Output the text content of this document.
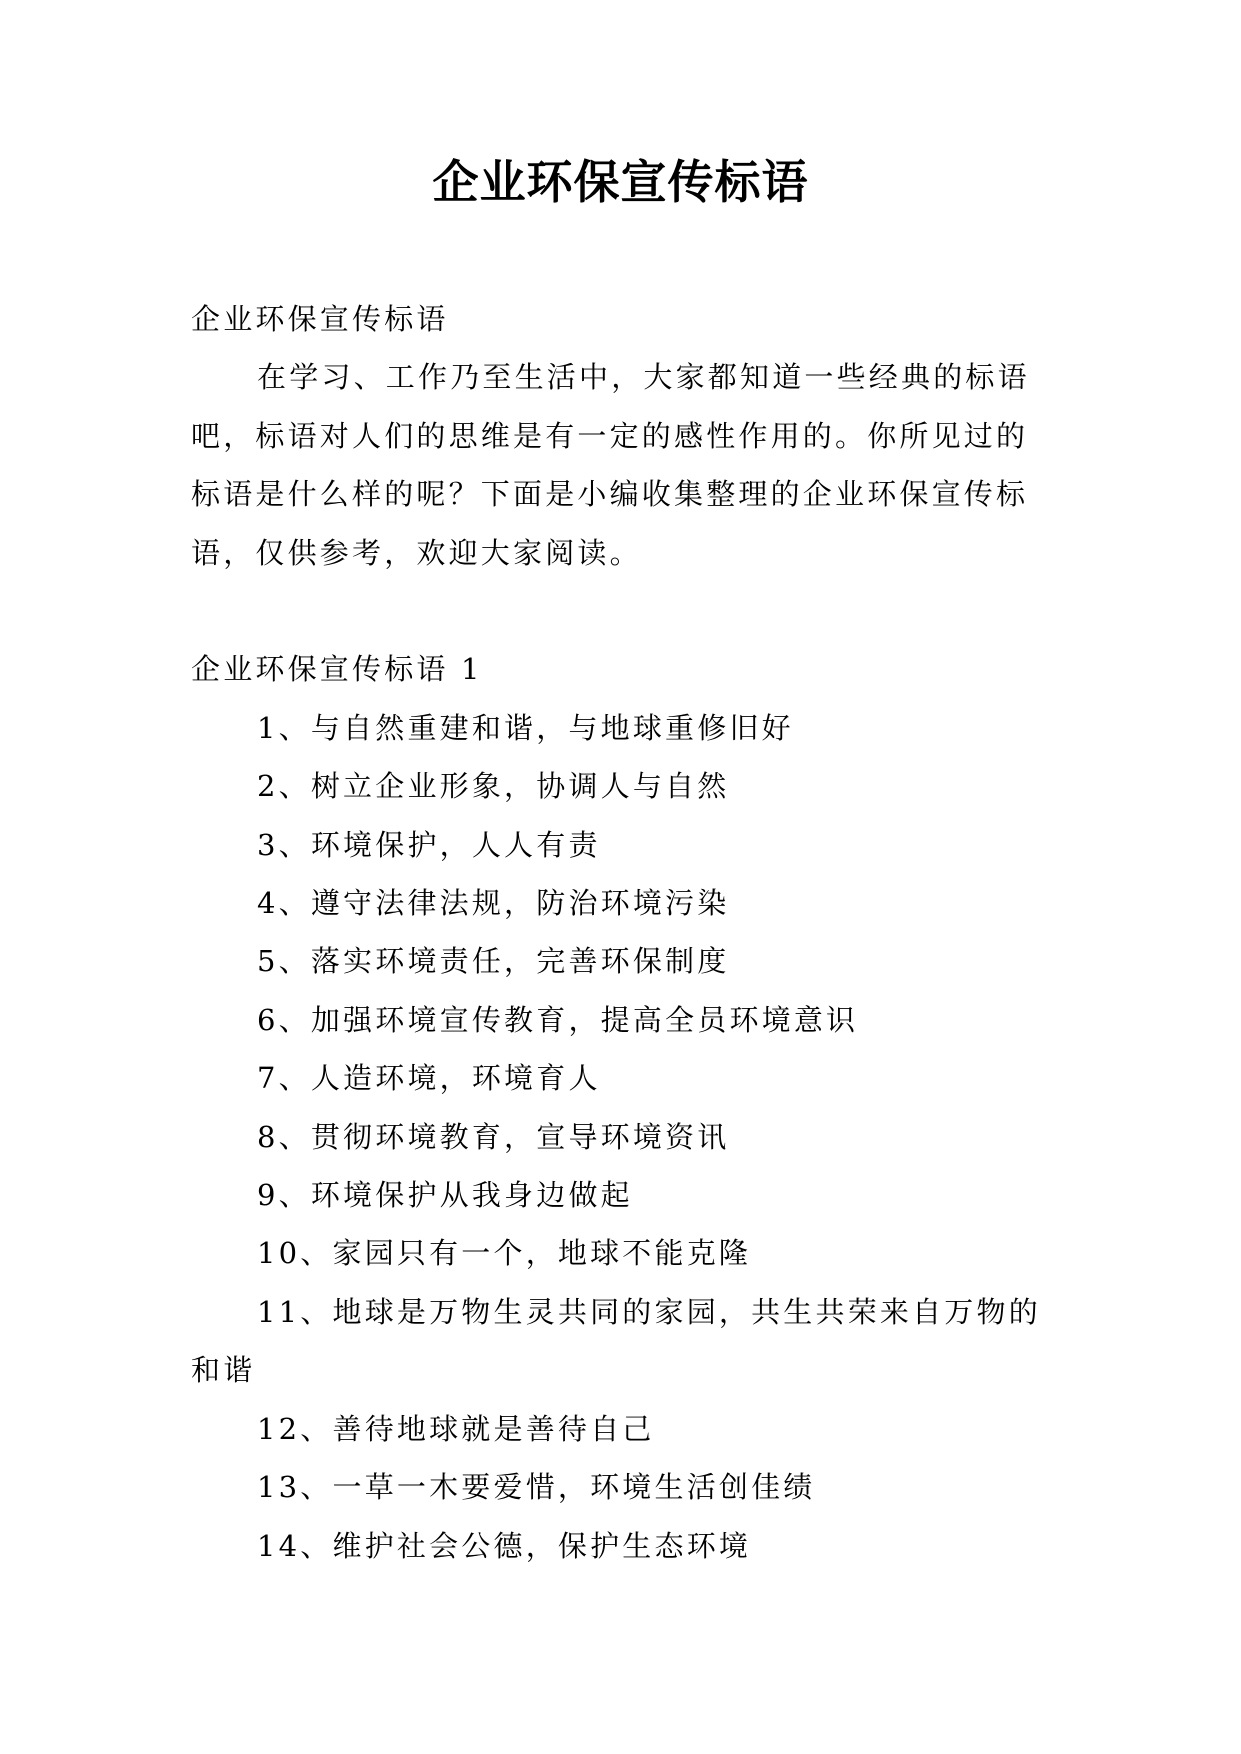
企业环保宣传标语

企业环保宣传标语

在学习、工作乃至生活中，大家都知道一些经典的标语吧，标语对人们的思维是有一定的感性作用的。你所见过的标语是什么样的呢？下面是小编收集整理的企业环保宣传标语，仅供参考，欢迎大家阅读。

企业环保宣传标语 1

1、与自然重建和谐，与地球重修旧好

2、树立企业形象，协调人与自然

3、环境保护，人人有责

4、遵守法律法规，防治环境污染

5、落实环境责任，完善环保制度

6、加强环境宣传教育，提高全员环境意识

7、人造环境，环境育人

8、贯彻环境教育，宣导环境资讯

9、环境保护从我身边做起

10、家园只有一个，地球不能克隆

11、地球是万物生灵共同的家园，共生共荣来自万物的和谐

12、善待地球就是善待自己

13、一草一木要爱惜，环境生活创佳绩

14、维护社会公德，保护生态环境
